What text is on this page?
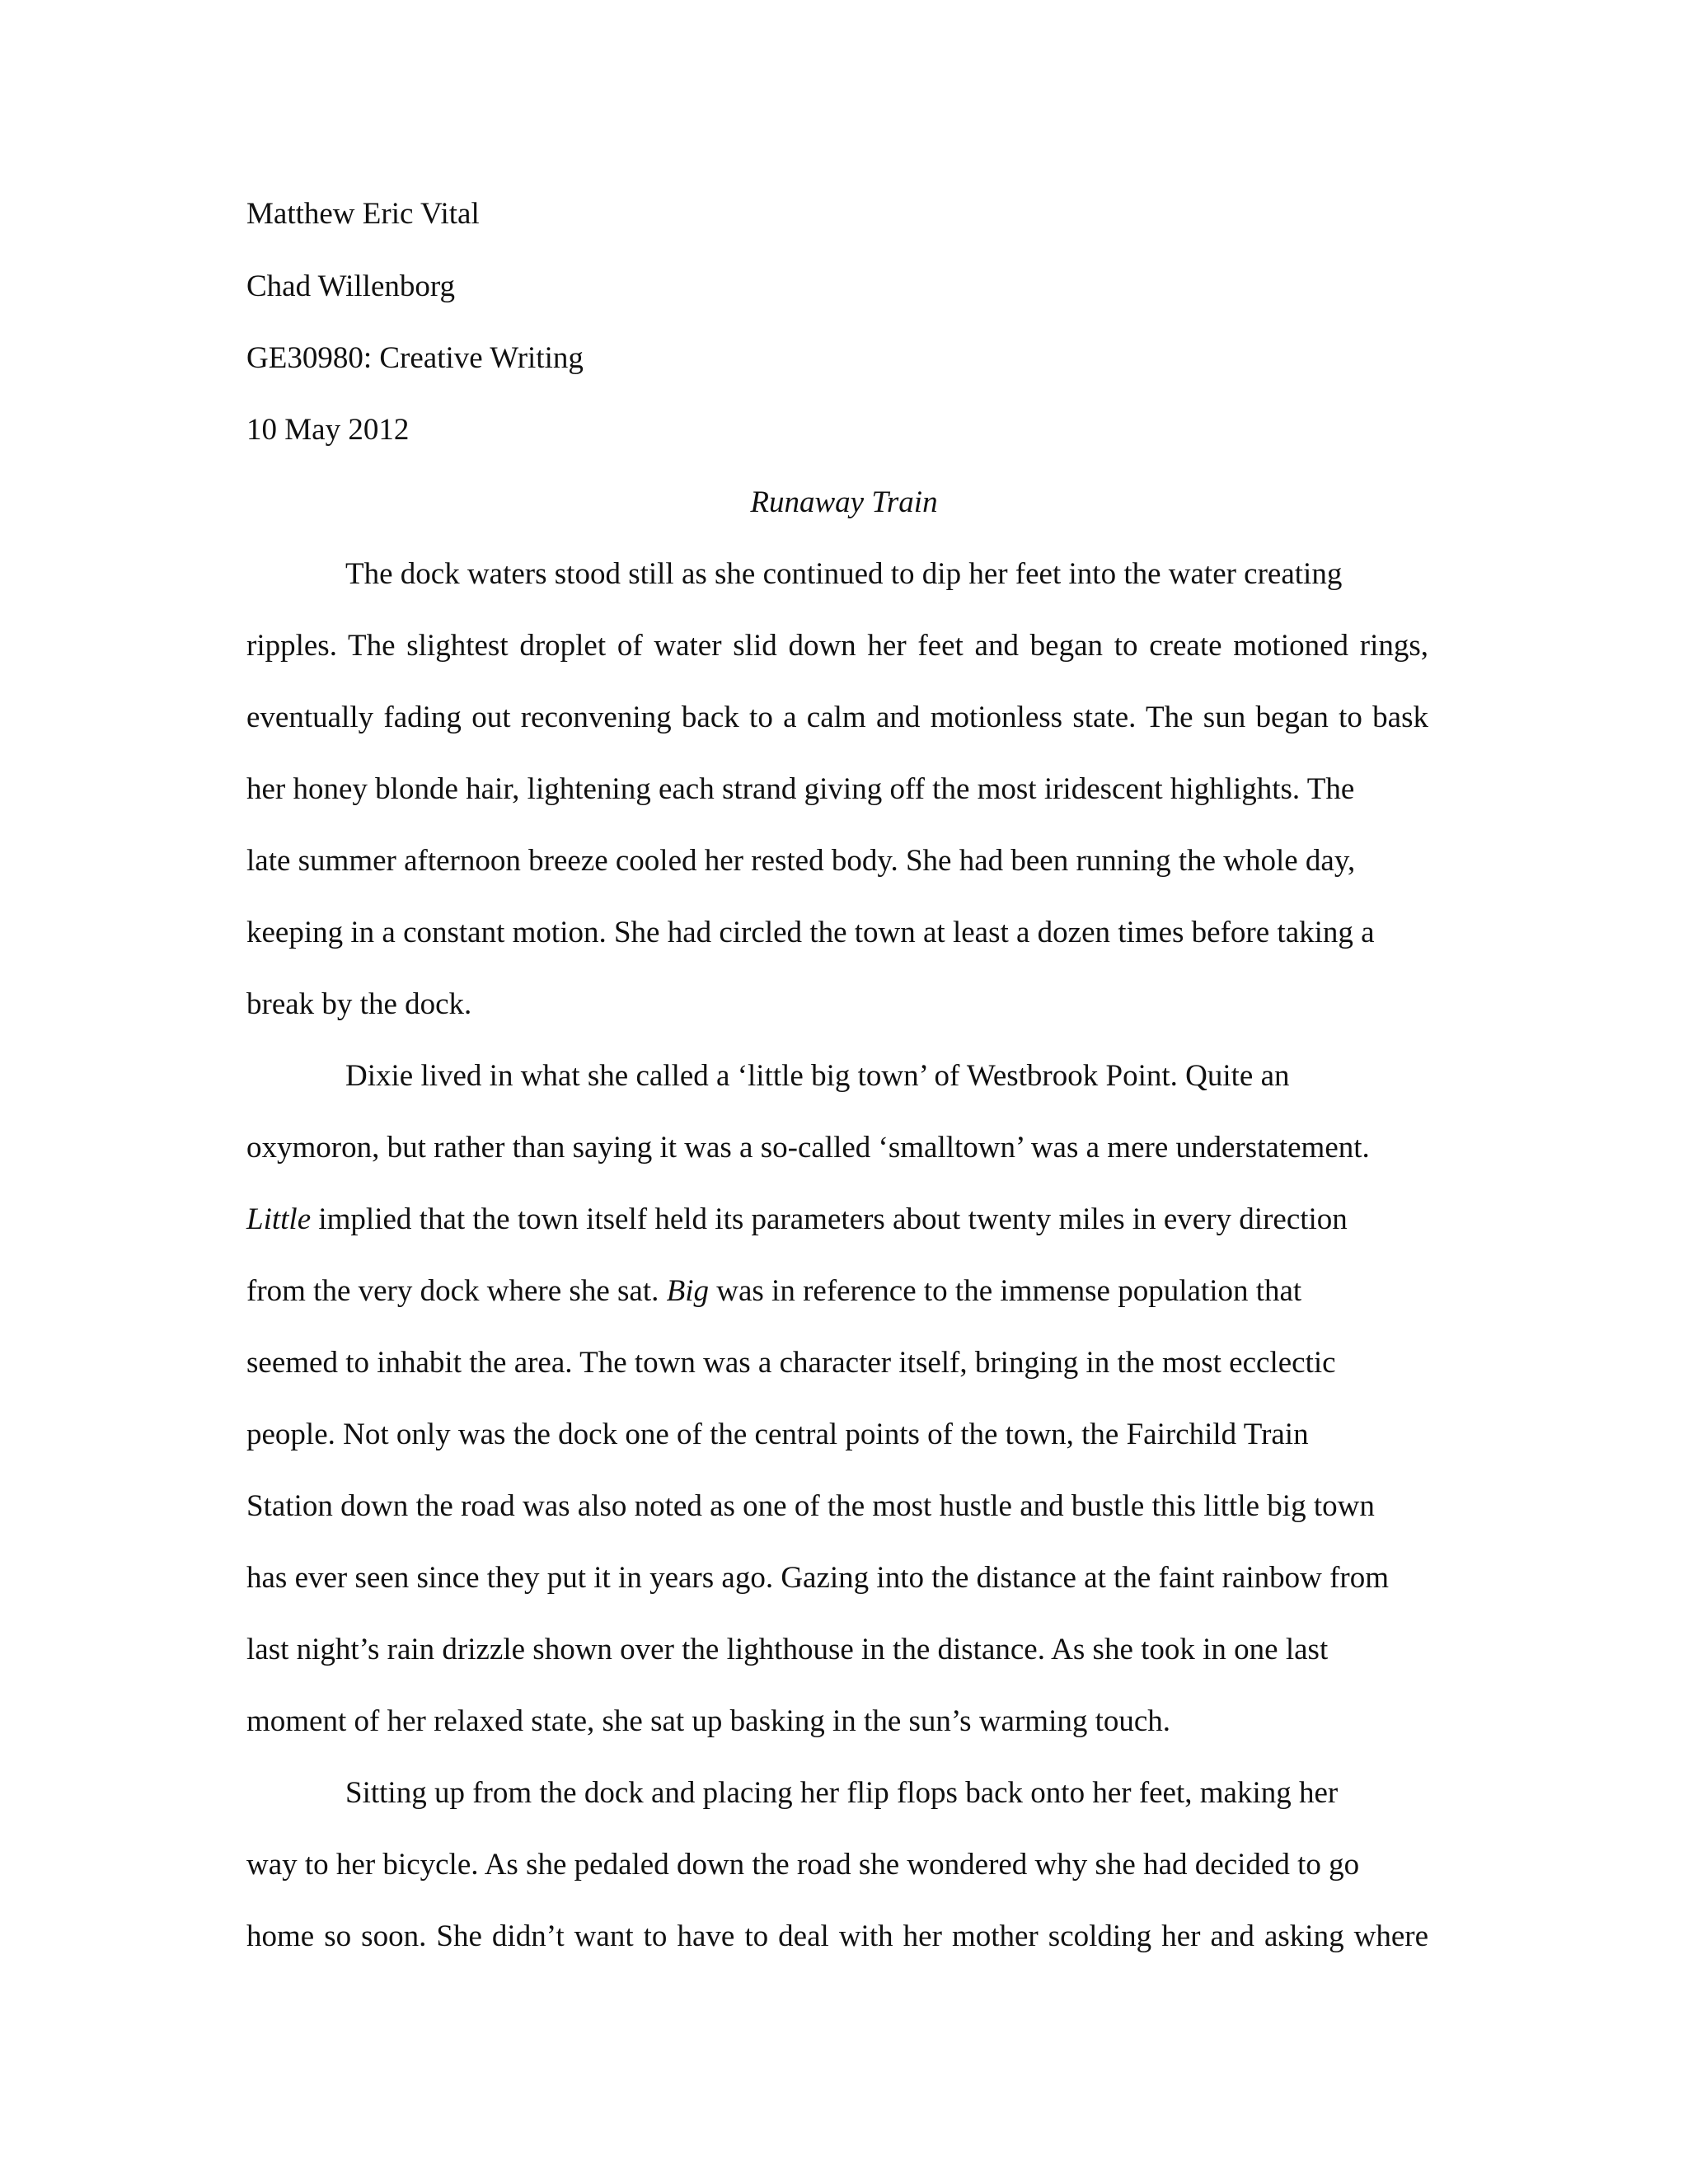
Matthew Eric Vital
Chad Willenborg
GE30980: Creative Writing
10 May 2012
Runaway Train
The dock waters stood still as she continued to dip her feet into the water creating
ripples. The slightest droplet of water slid down her feet and began to create motioned rings,
eventually fading out reconvening back to a calm and motionless state. The sun began to bask
her honey blonde hair, lightening each strand giving off the most iridescent highlights. The
late summer afternoon breeze cooled her rested body. She had been running the whole day,
keeping in a constant motion. She had circled the town at least a dozen times before taking a
break by the dock.
Dixie lived in what she called a ‘little big town’ of Westbrook Point. Quite an
oxymoron, but rather than saying it was a so-called ‘smalltown’ was a mere understatement.
Little implied that the town itself held its parameters about twenty miles in every direction
from the very dock where she sat. Big was in reference to the immense population that
seemed to inhabit the area. The town was a character itself, bringing in the most ecclectic
people. Not only was the dock one of the central points of the town, the Fairchild Train
Station down the road was also noted as one of the most hustle and bustle this little big town
has ever seen since they put it in years ago. Gazing into the distance at the faint rainbow from
last night’s rain drizzle shown over the lighthouse in the distance. As she took in one last
moment of her relaxed state, she sat up basking in the sun’s warming touch.
Sitting up from the dock and placing her flip flops back onto her feet, making her
way to her bicycle. As she pedaled down the road she wondered why she had decided to go
home so soon. She didn’t want to have to deal with her mother scolding her and asking where
